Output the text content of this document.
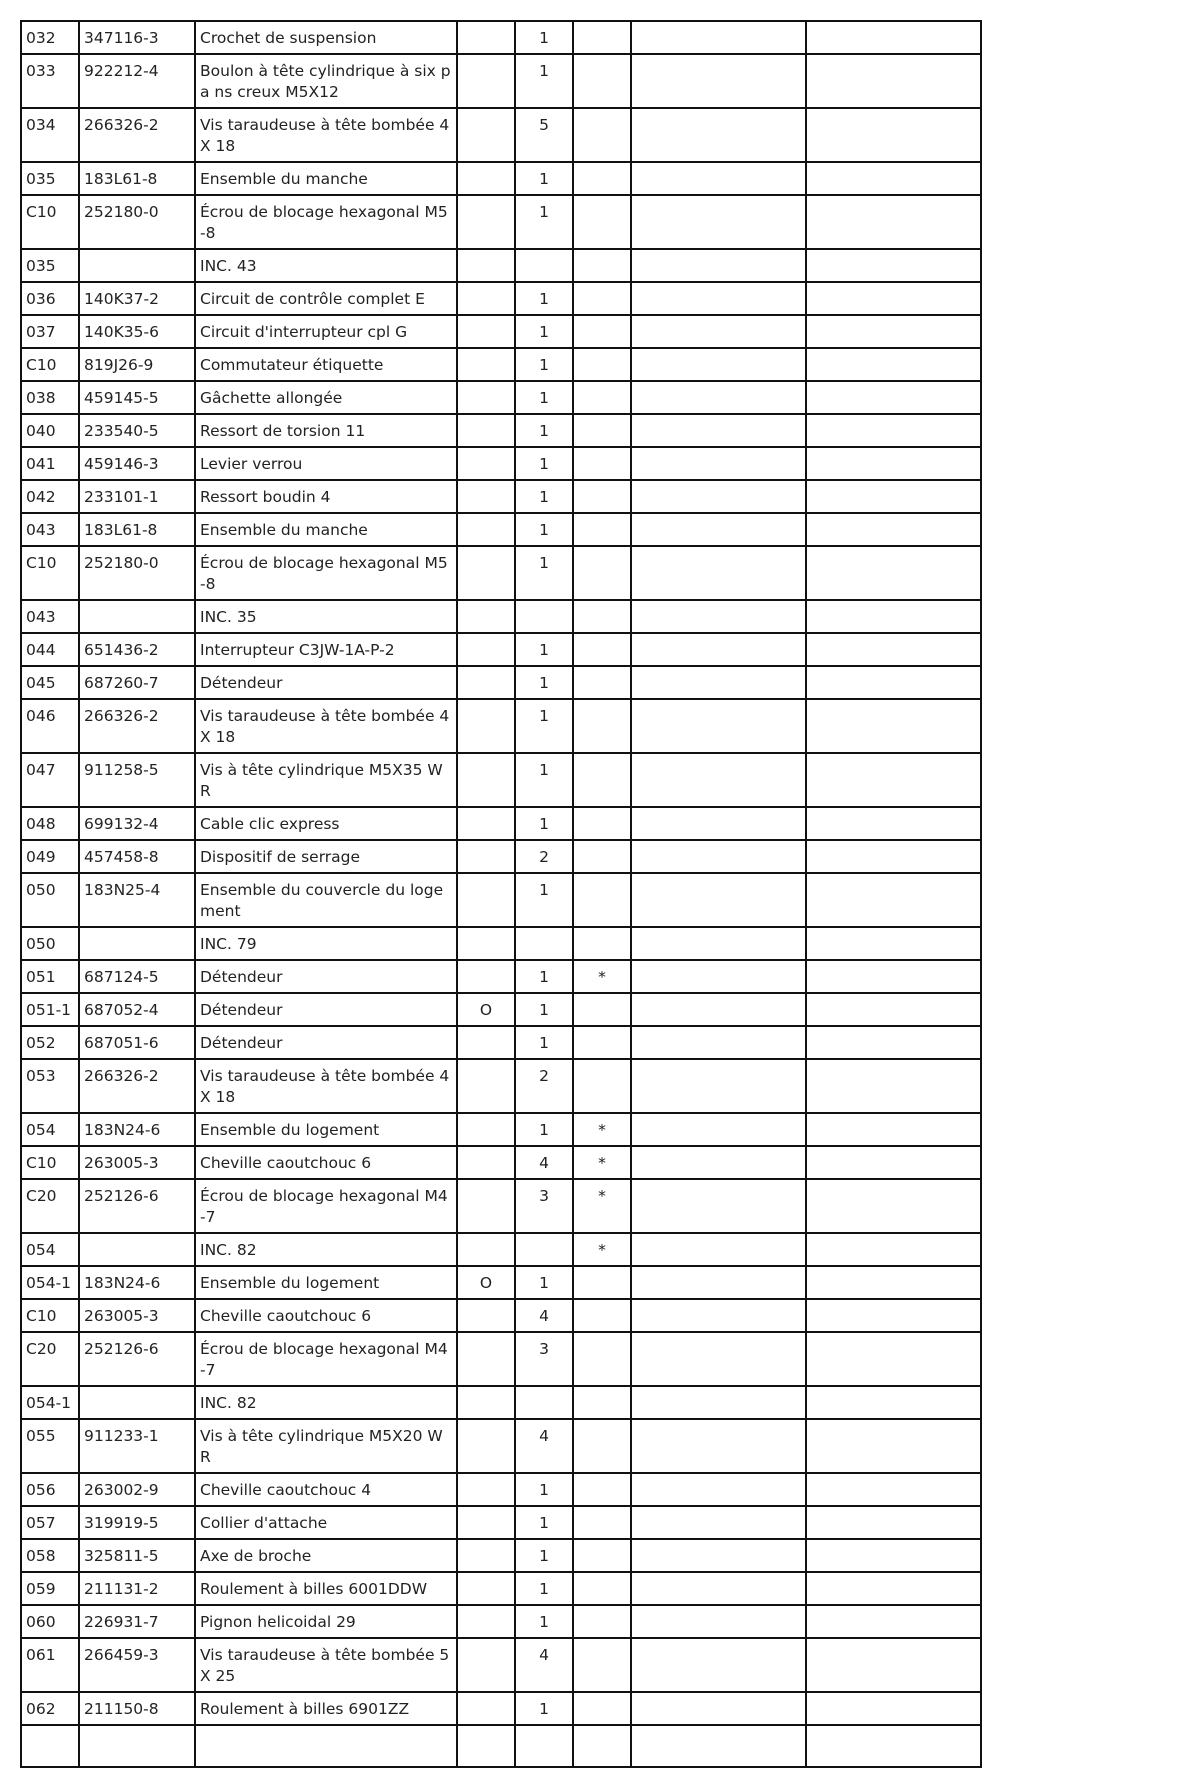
032	347116-3	Crochet de suspension		1			
033	922212-4	Boulon à tête cylindrique à six pa ns creux M5X12		1			
034	266326-2	Vis taraudeuse à tête bombée 4X 18		5			
035	183L61-8	Ensemble du manche		1			
C10	252180-0	Écrou de blocage hexagonal M5-8		1			
035		INC. 43					
036	140K37-2	Circuit de contrôle complet E		1			
037	140K35-6	Circuit d'interrupteur cpl G		1			
C10	819J26-9	Commutateur étiquette		1			
038	459145-5	Gâchette allongée		1			
040	233540-5	Ressort de torsion 11		1			
041	459146-3	Levier verrou		1			
042	233101-1	Ressort boudin 4		1			
043	183L61-8	Ensemble du manche		1			
C10	252180-0	Écrou de blocage hexagonal M5-8		1			
043		INC. 35					
044	651436-2	Interrupteur C3JW-1A-P-2		1			
045	687260-7	Détendeur		1			
046	266326-2	Vis taraudeuse à tête bombée 4X 18		1			
047	911258-5	Vis à tête cylindrique M5X35 WR		1			
048	699132-4	Cable clic express		1			
049	457458-8	Dispositif de serrage		2			
050	183N25-4	Ensemble du couvercle du loge ment		1			
050		INC. 79					
051	687124-5	Détendeur		1	*		
051-1	687052-4	Détendeur	O	1			
052	687051-6	Détendeur		1			
053	266326-2	Vis taraudeuse à tête bombée 4X 18		2			
054	183N24-6	Ensemble du logement		1	*		
C10	263005-3	Cheville caoutchouc 6		4	*		
C20	252126-6	Écrou de blocage hexagonal M4-7		3	*		
054		INC. 82			*		
054-1	183N24-6	Ensemble du logement	O	1			
C10	263005-3	Cheville caoutchouc 6		4			
C20	252126-6	Écrou de blocage hexagonal M4-7		3			
054-1		INC. 82					
055	911233-1	Vis à tête cylindrique M5X20 WR		4			
056	263002-9	Cheville caoutchouc 4		1			
057	319919-5	Collier d'attache		1			
058	325811-5	Axe de broche		1			
059	211131-2	Roulement à billes 6001DDW		1			
060	226931-7	Pignon helicoidal 29		1			
061	266459-3	Vis taraudeuse à tête bombée 5X 25		4			
062	211150-8	Roulement à billes 6901ZZ		1			
